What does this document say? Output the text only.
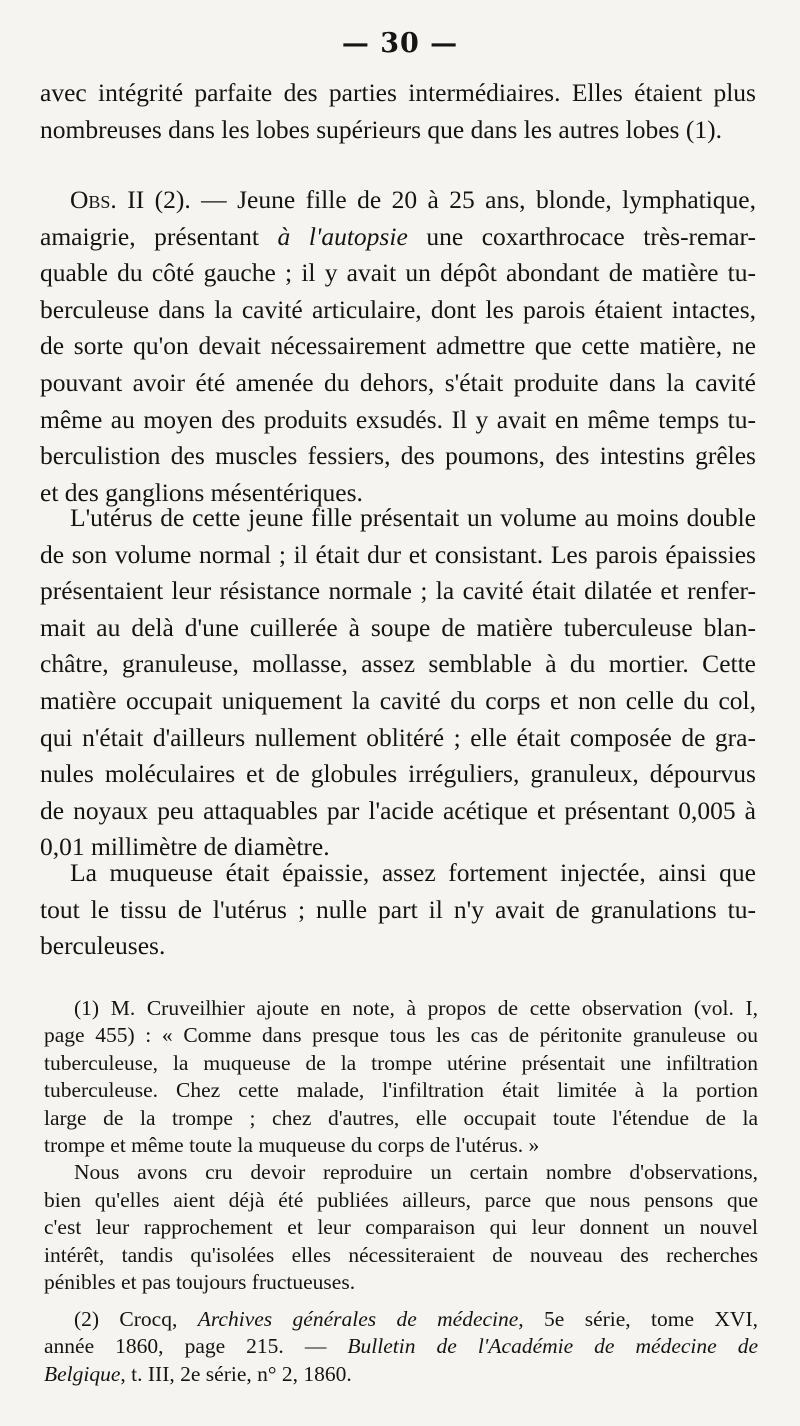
— 30 —
avec intégrité parfaite des parties intermédiaires. Elles étaient plus
nombreuses dans les lobes supérieurs que dans les autres lobes (1).
Obs. II (2). — Jeune fille de 20 à 25 ans, blonde, lymphatique,
amaigrie, présentant à l'autopsie une coxarthrocace très-remar-
quable du côté gauche ; il y avait un dépôt abondant de matière tu-
berculeuse dans la cavité articulaire, dont les parois étaient intactes,
de sorte qu'on devait nécessairement admettre que cette matière, ne
pouvant avoir été amenée du dehors, s'était produite dans la cavité
même au moyen des produits exsudés. Il y avait en même temps tu-
berculistion des muscles fessiers, des poumons, des intestins grêles
et des ganglions mésentériques.
L'utérus de cette jeune fille présentait un volume au moins double
de son volume normal ; il était dur et consistant. Les parois épaissies
présentaient leur résistance normale ; la cavité était dilatée et renfer-
mait au delà d'une cuillerée à soupe de matière tuberculeuse blan-
châtre, granuleuse, mollasse, assez semblable à du mortier. Cette
matière occupait uniquement la cavité du corps et non celle du col,
qui n'était d'ailleurs nullement oblitéré ; elle était composée de gra-
nules moléculaires et de globules irréguliers, granuleux, dépourvus
de noyaux peu attaquables par l'acide acétique et présentant 0,005 à
0,01 millimètre de diamètre.
La muqueuse était épaissie, assez fortement injectée, ainsi que
tout le tissu de l'utérus ; nulle part il n'y avait de granulations tu-
berculeuses.
(1) M. Cruveilhier ajoute en note, à propos de cette observation (vol. I,
page 455) : « Comme dans presque tous les cas de péritonite granuleuse ou
tuberculeuse, la muqueuse de la trompe utérine présentait une infiltration
tuberculeuse. Chez cette malade, l'infiltration était limitée à la portion
large de la trompe ; chez d'autres, elle occupait toute l'étendue de la
trompe et même toute la muqueuse du corps de l'utérus. »
Nous avons cru devoir reproduire un certain nombre d'observations,
bien qu'elles aient déjà été publiées ailleurs, parce que nous pensons que
c'est leur rapprochement et leur comparaison qui leur donnent un nouvel
intérêt, tandis qu'isolées elles nécessiteraient de nouveau des recherches
pénibles et pas toujours fructueuses.
(2) Crocq, Archives générales de médecine, 5e série, tome XVI,
année 1860, page 215. — Bulletin de l'Académie de médecine de
Belgique, t. III, 2e série, n° 2, 1860.
